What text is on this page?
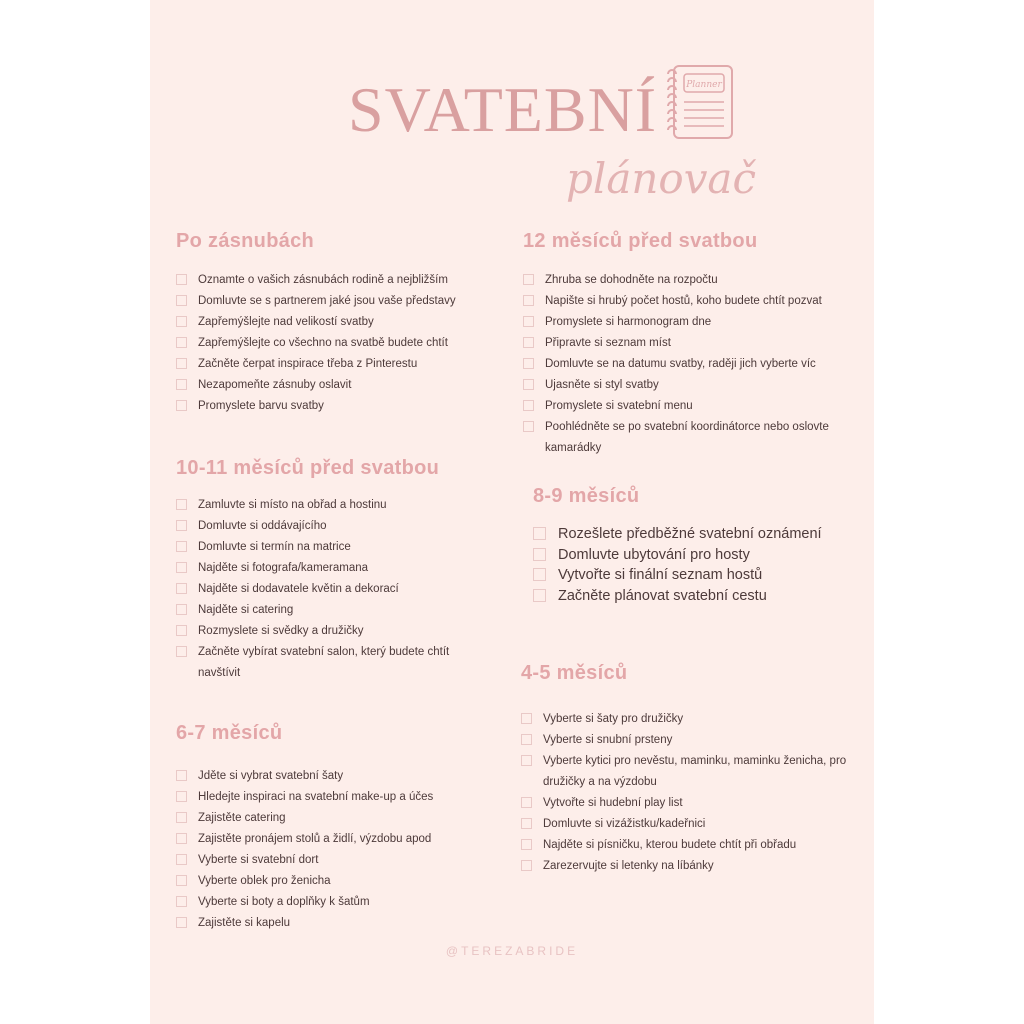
SVATEBNÍ
plánovač
Planner
Po zásnubách
Oznamte o vašich zásnubách rodině a nejbližším
Domluvte se s partnerem jaké jsou vaše představy
Zapřemýšlejte nad velikostí svatby
Zapřemýšlejte co všechno na svatbě budete chtít
Začněte čerpat inspirace třeba z Pinterestu
Nezapomeňte zásnuby oslavit
Promyslete barvu svatby
12 měsíců před svatbou
Zhruba se dohodněte na rozpočtu
Napište si hrubý počet hostů, koho budete chtít pozvat
Promyslete si harmonogram dne
Připravte si seznam míst
Domluvte se na datumu svatby, raději jich vyberte víc
Ujasněte si styl svatby
Promyslete si svatební menu
Poohlédněte se po svatební koordinátorce nebo oslovte kamarádky
10-11 měsíců před svatbou
Zamluvte si místo na obřad a hostinu
Domluvte si oddávajícího
Domluvte si termín na matrice
Najděte si fotografa/kameramana
Najděte si dodavatele květin a dekorací
Najděte si catering
Rozmyslete si svědky a družičky
Začněte vybírat svatební salon, který budete chtít navštívit
8-9 měsíců
Rozešlete předběžné svatební oznámení
Domluvte ubytování pro hosty
Vytvořte si finální seznam hostů
Začněte plánovat svatební cestu
4-5 měsíců
Vyberte si šaty pro družičky
Vyberte si snubní prsteny
Vyberte kytici pro nevěstu, maminku, maminku ženicha, pro družičky a na výzdobu
Vytvořte si hudební play list
Domluvte si vizážistku/kadeřnici
Najděte si písničku, kterou budete chtít při obřadu
Zarezervujte si letenky na líbánky
6-7 měsíců
Jděte si vybrat svatební šaty
Hledejte inspiraci na svatební make-up a účes
Zajistěte catering
Zajistěte pronájem stolů a židlí, výzdobu apod
Vyberte si svatební dort
Vyberte oblek pro ženicha
Vyberte si boty a doplňky k šatům
Zajistěte si kapelu
@TEREZABRIDE
